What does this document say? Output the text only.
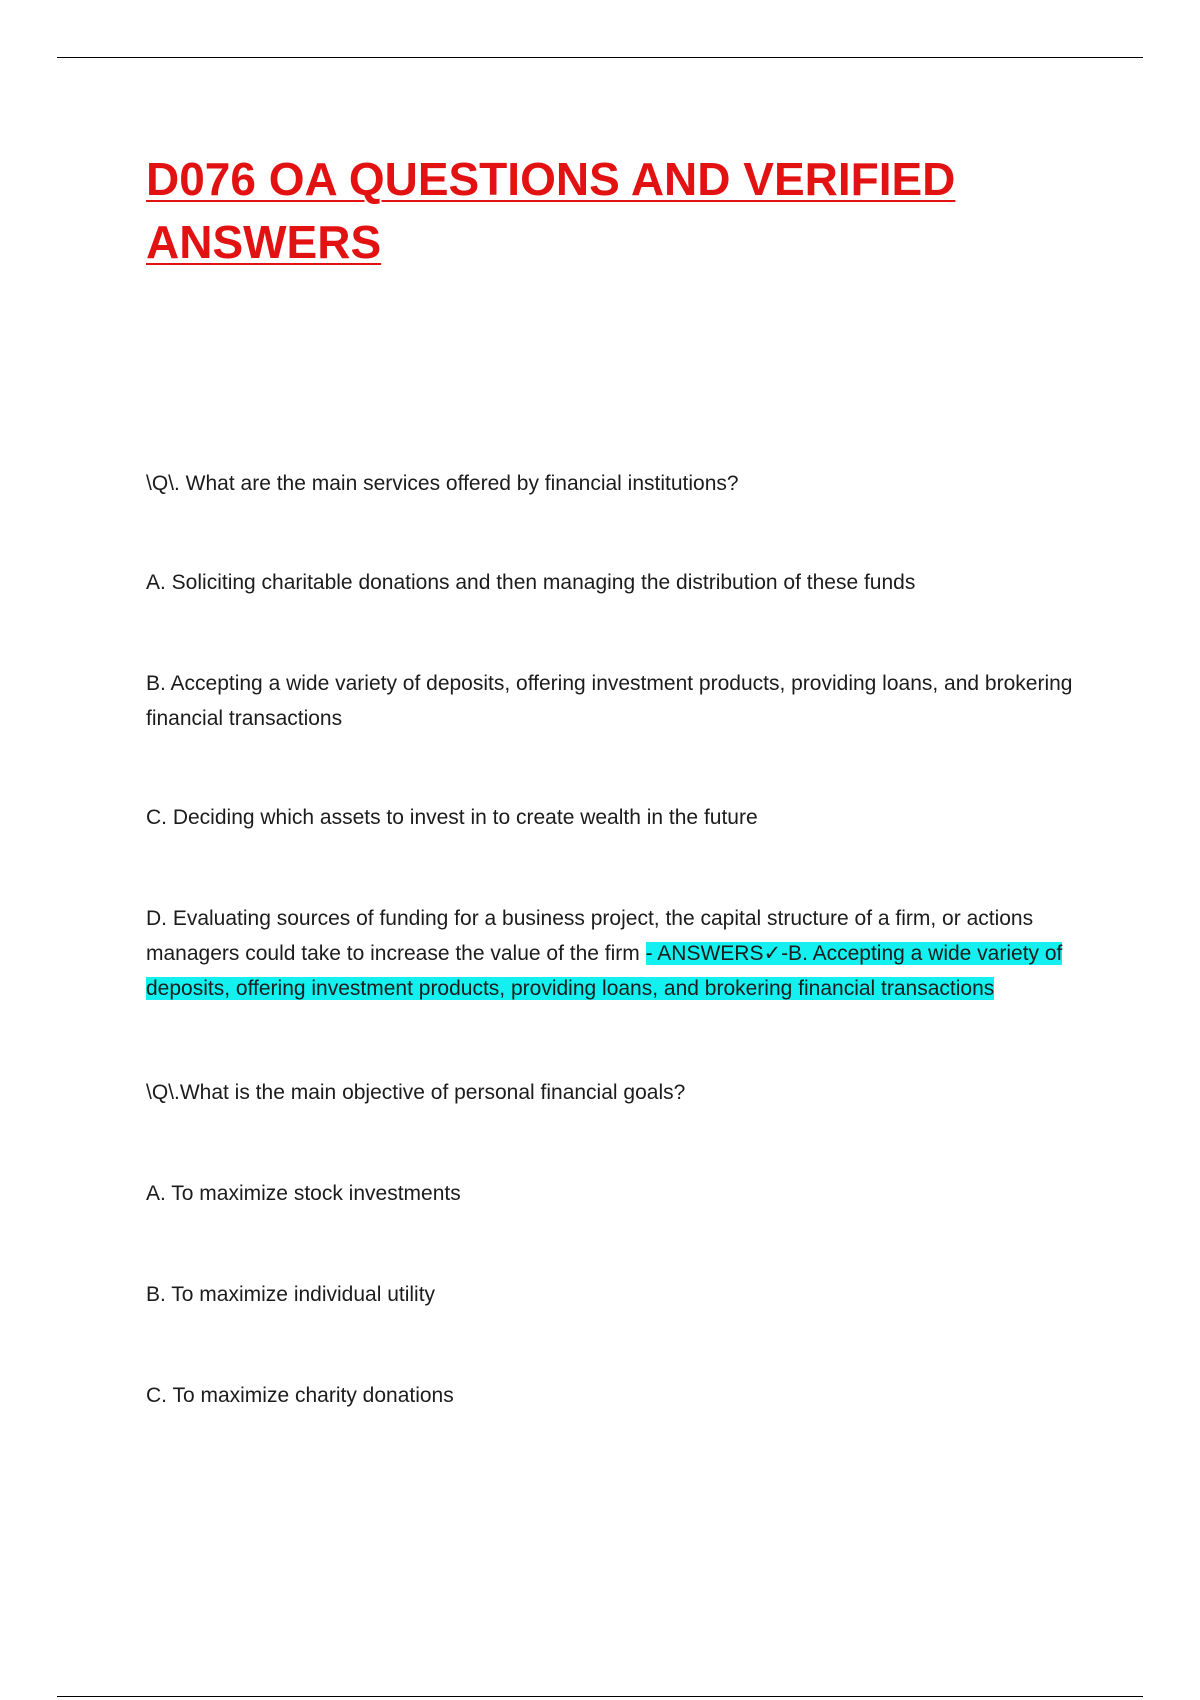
D076 OA QUESTIONS AND VERIFIED ANSWERS

\Q\. What are the main services offered by financial institutions?

A. Soliciting charitable donations and then managing the distribution of these funds

B. Accepting a wide variety of deposits, offering investment products, providing loans, and brokering financial transactions

C. Deciding which assets to invest in to create wealth in the future

D. Evaluating sources of funding for a business project, the capital structure of a firm, or actions managers could take to increase the value of the firm - ANSWERS✓-B. Accepting a wide variety of deposits, offering investment products, providing loans, and brokering financial transactions

\Q\.What is the main objective of personal financial goals?

A. To maximize stock investments

B. To maximize individual utility

C. To maximize charity donations
